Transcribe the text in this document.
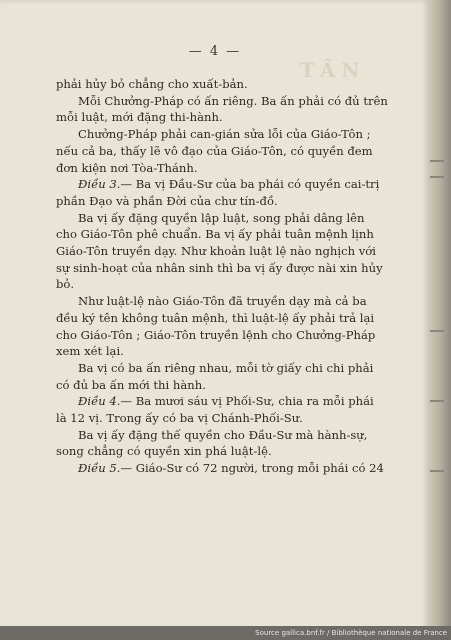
— 4 —
TÂN
phải hủy bỏ chẳng cho xuất-bản.
Mỗi Chưởng-Pháp có ấn riêng. Ba ấn phải có đủ trên
mỗi luật, mới đặng thi-hành.
Chưởng-Pháp phải can-gián sửa lỗi của Giáo-Tôn ;
nếu cả ba, thấy lẽ vô đạo của Giáo-Tôn, có quyền đem
đơn kiện nơi Tòa-Thánh.
Điều 3.— Ba vị Đầu-Sư của ba phái có quyền cai-trị
phần Đạo và phần Đời của chư tín-đồ.
Ba vị ấy đặng quyền lập luật, song phải dâng lên
cho Giáo-Tôn phê chuẩn. Ba vị ấy phải tuân mệnh lịnh
Giáo-Tôn truyền dạy. Như khoản luật lệ nào nghịch với
sự sinh-hoạt của nhân sinh thì ba vị ấy được nài xin hủy
bỏ.
Như luật-lệ nào Giáo-Tôn đã truyền dạy mà cả ba
đều ký tên không tuân mệnh, thì luật-lệ ấy phải trả lại
cho Giáo-Tôn ; Giáo-Tôn truyền lệnh cho Chưởng-Pháp
xem xét lại.
Ba vị có ba ấn riêng nhau, mỗi tờ giấy chi chi phải
có đủ ba ấn mới thi hành.
Điều 4.— Ba mươi sáu vị Phối-Sư, chia ra mỗi phái
là 12 vị. Trong ấy có ba vị Chánh-Phối-Sư.
Ba vị ấy đặng thế quyền cho Đầu-Sư mà hành-sự,
song chẳng có quyền xin phá luật-lệ.
Điều 5.— Giáo-Sư có 72 người, trong mỗi phái có 24
Source gallica.bnf.fr / Bibliothèque nationale de France
